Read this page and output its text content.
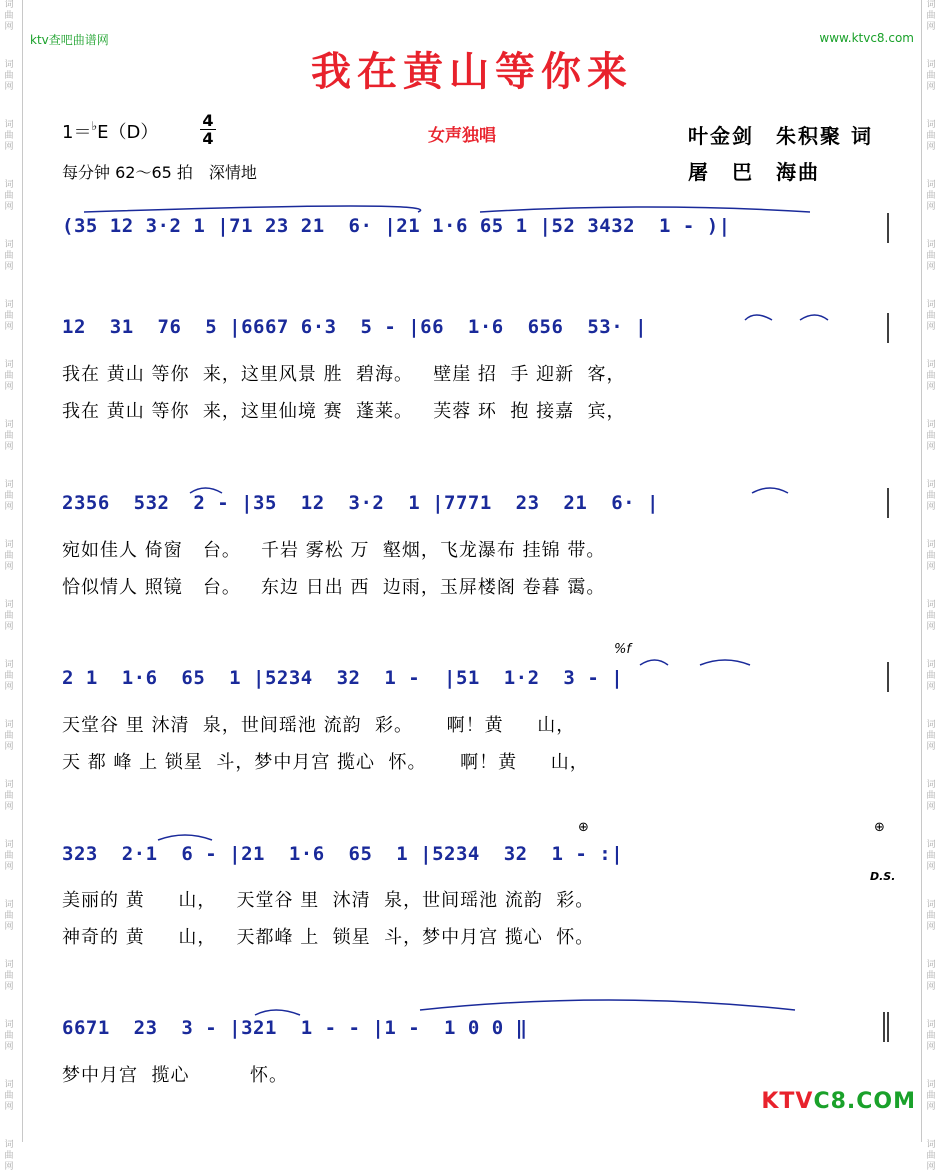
词曲网
词曲网
词曲网
词曲网
词曲网
词曲网
词曲网
词曲网
词曲网
词曲网
词曲网
词曲网
词曲网
词曲网
词曲网
词曲网
词曲网
词曲网
词曲网
词曲网
词曲网
词曲网
词曲网
词曲网
词曲网
词曲网
词曲网
词曲网
词曲网
词曲网
词曲网
词曲网
词曲网
词曲网
词曲网
词曲网
词曲网
词曲网
词曲网
词曲网
ktv查吧曲谱网	www.ktvc8.com
我在黄山等你来
1＝♭E（D）
4
4	女声独唱	叶金剑　朱积聚 词
屠　巴　海曲
每分钟 62～65 拍　深情地
(35 12 3·2 1 |71 23 21  6· |21 1·6 65 1 |52 3432  1 - )|
12  31  76  5 |6667 6·3  5 - |66  1·6  656  53· |
我在 黄山 等你  来，这里风景 胜  碧海。   壁崖 招  手 迎新  客，
我在 黄山 等你  来，这里仙境 赛  蓬莱。   芙蓉 环  抱 接嘉  宾，
2356  532  2 - |35  12  3·2  1 |7771  23  21  6· |
宛如佳人 倚窗   台。   千岩 雾松 万  壑烟，飞龙瀑布 挂锦 带。
恰似情人 照镜   台。   东边 日出 西  边雨，玉屏楼阁 卷暮 霭。
%f
2 1  1·6  65  1 |5234  32  1 -  |51  1·2  3 - |
天堂谷 里 沐清  泉，世间瑶池 流韵  彩。     啊！黄     山，
天 都 峰 上 锁星  斗，梦中月宫 揽心  怀。     啊！黄     山，
⊕	⊕
323  2·1  6 - |21  1·6  65  1 |5234  32  1 - :|
D.S.
美丽的 黄     山，   天堂谷 里  沐清  泉，世间瑶池 流韵  彩。
神奇的 黄     山，   天都峰 上  锁星  斗，梦中月宫 揽心  怀。
6671  23  3 - |321  1 - - |1 -  1 0 0 ‖
梦中月宫  揽心         怀。
KTVC8.COM
